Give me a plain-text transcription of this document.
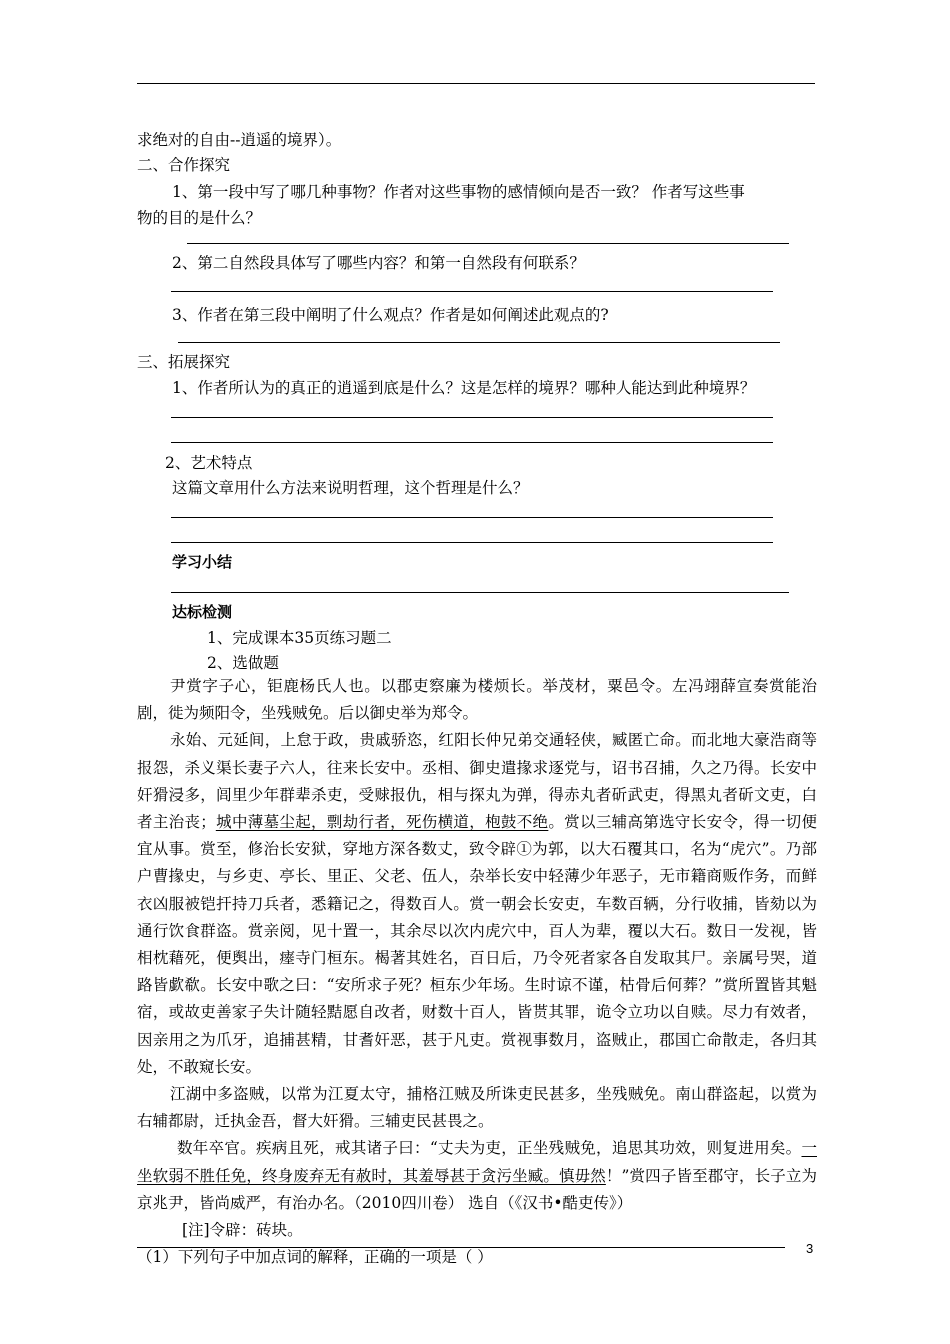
求绝对的自由--逍遥的境界）。
二、合作探究
1、第一段中写了哪几种事物？作者对这些事物的感情倾向是否一致？ 作者写这些事
物的目的是什么？
2、第二自然段具体写了哪些内容？和第一自然段有何联系？
3、作者在第三段中阐明了什么观点？作者是如何阐述此观点的?
三、拓展探究
1、作者所认为的真正的逍遥到底是什么？这是怎样的境界？哪种人能达到此种境界？
2、艺术特点
这篇文章用什么方法来说明哲理，这个哲理是什么？
学习小结
达标检测
1、完成课本35页练习题二
2、选做题

尹赏字子心，钜鹿杨氏人也。以郡吏察廉为楼烦长。举茂材，粟邑令。左冯翊薛宣奏赏能治剧，徙为频阳令，坐残贼免。后以御史举为郑令。

永始、元延间，上怠于政，贵戚骄恣，红阳长仲兄弟交通轻侠，臧匿亡命。而北地大豪浩商等报怨，杀义渠长妻子六人，往来长安中。丞相、御史遣掾求逐党与，诏书召捕，久之乃得。长安中奸猾浸多，闾里少年群辈杀吏，受赇报仇，相与探丸为弹，得赤丸者斫武吏，得黑丸者斫文吏，白者主治丧；城中薄墓尘起，剽劫行者，死伤横道，枹鼓不绝。赏以三辅高第选守长安令，得一切便宜从事。赏至，修治长安狱，穿地方深各数丈，致令辟①为郭，以大石覆其口，名为“虎穴”。乃部户曹掾史，与乡吏、亭长、里正、父老、伍人，杂举长安中轻薄少年恶子，无市籍商贩作务，而鲜衣凶服被铠扞持刀兵者，悉籍记之，得数百人。赏一朝会长安吏，车数百辆，分行收捕，皆劾以为通行饮食群盗。赏亲阅，见十置一，其余尽以次内虎穴中，百人为辈，覆以大石。数日一发视，皆相枕藉死，便舆出，瘗寺门桓东。楬著其姓名，百日后，乃令死者家各自发取其尸。亲属号哭，道路皆歔欷。长安中歌之曰：“安所求子死？桓东少年场。生时谅不谨，枯骨后何葬？”赏所置皆其魁宿，或故吏善家子失计随轻黠愿自改者，财数十百人，皆贳其罪，诡令立功以自赎。尽力有效者，因亲用之为爪牙，追捕甚精，甘耆奸恶，甚于凡吏。赏视事数月，盗贼止，郡国亡命散走，各归其处，不敢窥长安。

江湖中多盗贼，以常为江夏太守，捕格江贼及所诛吏民甚多，坐残贼免。南山群盗起，以赏为右辅都尉，迁执金吾，督大奸猾。三辅吏民甚畏之。

数年卒官。疾病且死，戒其诸子曰：“丈夫为吏，正坐残贼免，追思其功效，则复进用矣。一坐软弱不胜任免，终身废弃无有赦时，其羞辱甚于贪污坐臧。慎毋然！”赏四子皆至郡守，长子立为京兆尹，皆尚威严，有治办名。（2010四川卷） 选自（《汉书•酷吏传》）

[注]令辟：砖块。

（1）下列句子中加点词的解释，正确的一项是（ ）	3
